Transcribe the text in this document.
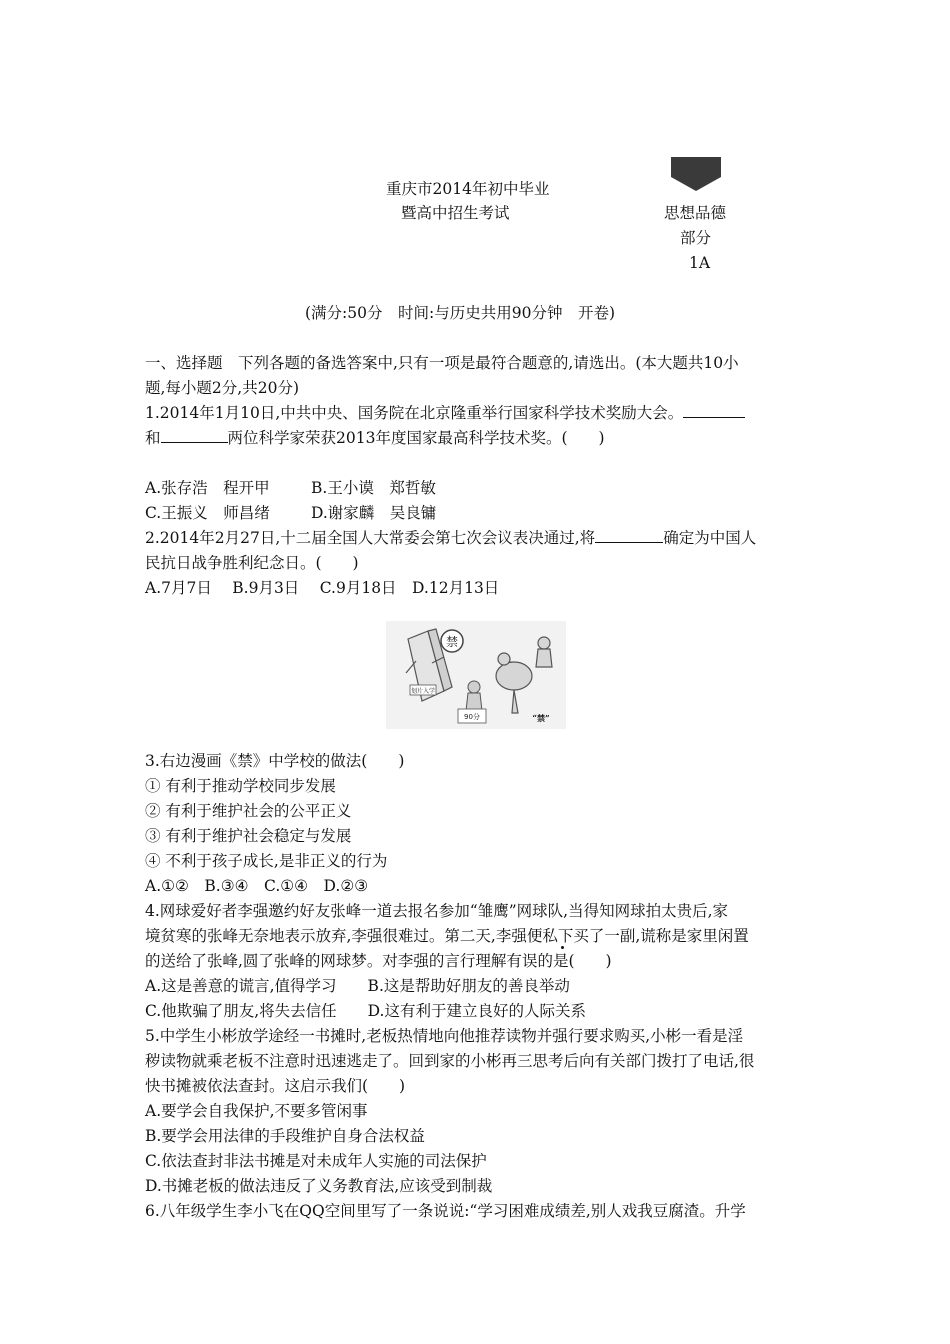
重庆市2014年初中毕业
暨高中招生考试	思想品德
部分
1A
(满分:50分　时间:与历史共用90分钟　开卷)
一、选择题　下列各题的备选答案中,只有一项是最符合题意的,请选出。(本大题共10小
题,每小题2分,共20分)
1.2014年1月10日,中共中央、国务院在北京隆重举行国家科学技术奖励大会。
和	两位科学家荣获2013年度国家最高科学技术奖。(　　)
A.张存浩　程开甲	B.王小谟　郑哲敏
C.王振义　师昌绪	D.谢家麟　吴良镛
2.2014年2月27日,十二届全国人大常委会第七次会议表决通过,将	确定为中国人
民抗日战争胜利纪念日。(　　)
A.7月7日　 B.9月3日　 C.9月18日　D.12月13日
划片入学
禁
90分	“禁”
3.右边漫画《禁》中学校的做法(　　)
① 有利于推动学校同步发展
② 有利于维护社会的公平正义
③ 有利于维护社会稳定与发展
④ 不利于孩子成长,是非正义的行为
A.①②　B.③④　C.①④　D.②③
4.网球爱好者李强邀约好友张峰一道去报名参加“雏鹰”网球队,当得知网球拍太贵后,家
境贫寒的张峰无奈地表示放弃,李强很难过。第二天,李强便私下买了一副,谎称是家里闲置
的送给了张峰,圆了张峰的网球梦。对李强的言行理解有误的是(　　)
A.这是善意的谎言,值得学习　　B.这是帮助好朋友的善良举动
C.他欺骗了朋友,将失去信任　　D.这有利于建立良好的人际关系
5.中学生小彬放学途经一书摊时,老板热情地向他推荐读物并强行要求购买,小彬一看是淫
秽读物就乘老板不注意时迅速逃走了。回到家的小彬再三思考后向有关部门拨打了电话,很
快书摊被依法查封。这启示我们(　　)
A.要学会自我保护,不要多管闲事
B.要学会用法律的手段维护自身合法权益
C.依法查封非法书摊是对未成年人实施的司法保护
D.书摊老板的做法违反了义务教育法,应该受到制裁
6.八年级学生李小飞在QQ空间里写了一条说说:“学习困难成绩差,别人戏我豆腐渣。升学
